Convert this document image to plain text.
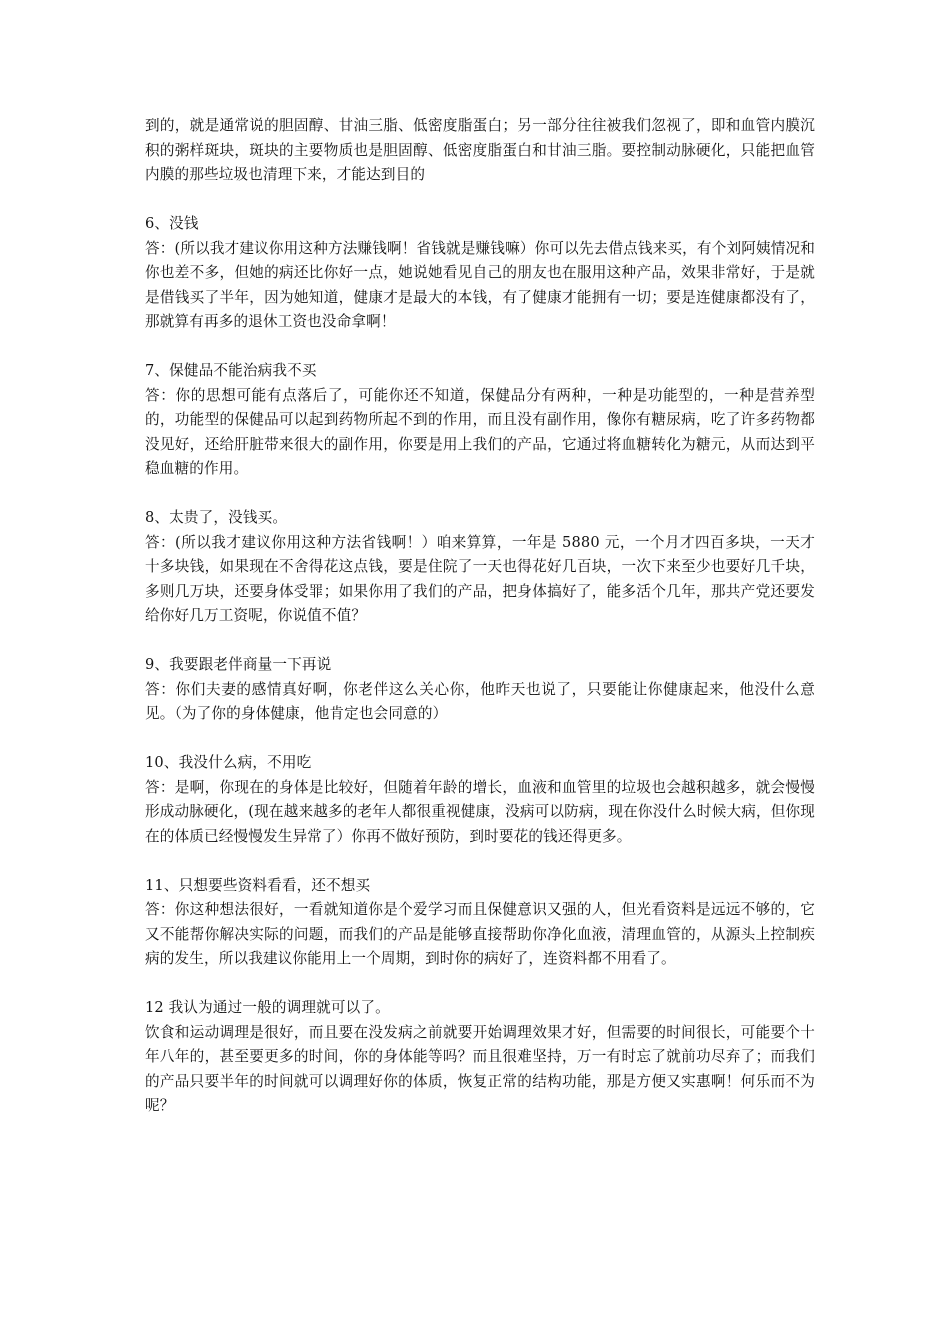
到的，就是通常说的胆固醇、甘油三脂、低密度脂蛋白；另一部分往往被我们忽视了，即和血管内膜沉积的粥样斑块，斑块的主要物质也是胆固醇、低密度脂蛋白和甘油三脂。要控制动脉硬化，只能把血管内膜的那些垃圾也清理下来，才能达到目的

6、没钱

答：(所以我才建议你用这种方法赚钱啊！省钱就是赚钱嘛）你可以先去借点钱来买，有个刘阿姨情况和你也差不多，但她的病还比你好一点，她说她看见自己的朋友也在服用这种产品，效果非常好，于是就是借钱买了半年，因为她知道，健康才是最大的本钱，有了健康才能拥有一切；要是连健康都没有了，那就算有再多的退休工资也没命拿啊！

7、保健品不能治病我不买

答：你的思想可能有点落后了，可能你还不知道，保健品分有两种，一种是功能型的，一种是营养型的，功能型的保健品可以起到药物所起不到的作用，而且没有副作用，像你有糖尿病，吃了许多药物都没见好，还给肝脏带来很大的副作用，你要是用上我们的产品，它通过将血糖转化为糖元，从而达到平稳血糖的作用。

8、太贵了，没钱买。

答：(所以我才建议你用这种方法省钱啊！）咱来算算，一年是 5880 元，一个月才四百多块，一天才十多块钱，如果现在不舍得花这点钱，要是住院了一天也得花好几百块，一次下来至少也要好几千块，多则几万块，还要身体受罪；如果你用了我们的产品，把身体搞好了，能多活个几年，那共产党还要发给你好几万工资呢，你说值不值？

9、我要跟老伴商量一下再说

答：你们夫妻的感情真好啊，你老伴这么关心你，他昨天也说了，只要能让你健康起来，他没什么意见。（为了你的身体健康，他肯定也会同意的）

10、我没什么病，不用吃

答：是啊，你现在的身体是比较好，但随着年龄的增长，血液和血管里的垃圾也会越积越多，就会慢慢形成动脉硬化，(现在越来越多的老年人都很重视健康，没病可以防病，现在你没什么时候大病，但你现在的体质已经慢慢发生异常了）你再不做好预防，到时要花的钱还得更多。

11、只想要些资料看看，还不想买

答：你这种想法很好，一看就知道你是个爱学习而且保健意识又强的人，但光看资料是远远不够的，它又不能帮你解决实际的问题，而我们的产品是能够直接帮助你净化血液，清理血管的，从源头上控制疾病的发生，所以我建议你能用上一个周期，到时你的病好了，连资料都不用看了。

12 我认为通过一般的调理就可以了。

饮食和运动调理是很好，而且要在没发病之前就要开始调理效果才好，但需要的时间很长，可能要个十年八年的，甚至要更多的时间，你的身体能等吗？而且很难坚持，万一有时忘了就前功尽弃了；而我们的产品只要半年的时间就可以调理好你的体质，恢复正常的结构功能，那是方便又实惠啊！何乐而不为呢？
